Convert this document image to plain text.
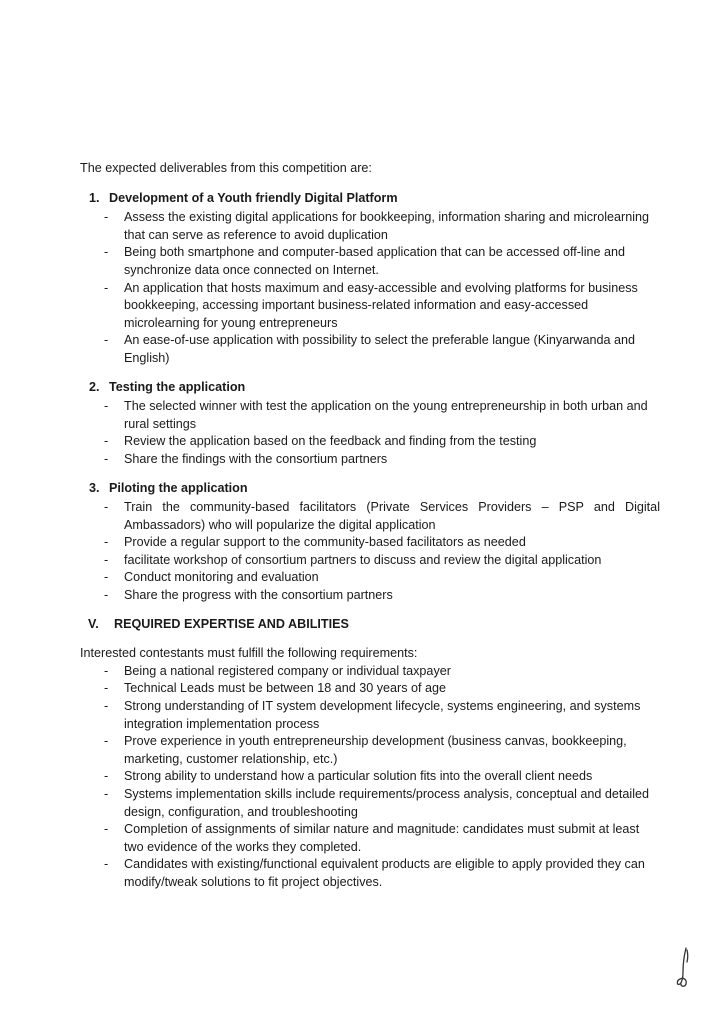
The expected deliverables from this competition are:

1. Development of a Youth friendly Digital Platform
- Assess the existing digital applications for bookkeeping, information sharing and microlearning that can serve as reference to avoid duplication
- Being both smartphone and computer-based application that can be accessed off-line and synchronize data once connected on Internet.
- An application that hosts maximum and easy-accessible and evolving platforms for business bookkeeping, accessing important business-related information and easy-accessed microlearning for young entrepreneurs
- An ease-of-use application with possibility to select the preferable langue (Kinyarwanda and English)
2. Testing the application
- The selected winner with test the application on the young entrepreneurship in both urban and rural settings
- Review the application based on the feedback and finding from the testing
- Share the findings with the consortium partners
3. Piloting the application
- Train the community-based facilitators (Private Services Providers – PSP and Digital Ambassadors) who will popularize the digital application
- Provide a regular support to the community-based facilitators as needed
- facilitate workshop of consortium partners to discuss and review the digital application
- Conduct monitoring and evaluation
- Share the progress with the consortium partners
V.	REQUIRED EXPERTISE AND ABILITIES

Interested contestants must fulfill the following requirements:

- Being a national registered company or individual taxpayer
- Technical Leads must be between 18 and 30 years of age
- Strong understanding of IT system development lifecycle, systems engineering, and systems integration implementation process
- Prove experience in youth entrepreneurship development (business canvas, bookkeeping, marketing, customer relationship, etc.)
- Strong ability to understand how a particular solution fits into the overall client needs
- Systems implementation skills include requirements/process analysis, conceptual and detailed design, configuration, and troubleshooting
- Completion of assignments of similar nature and magnitude: candidates must submit at least two evidence of the works they completed.
- Candidates with existing/functional equivalent products are eligible to apply provided they can modify/tweak solutions to fit project objectives.
